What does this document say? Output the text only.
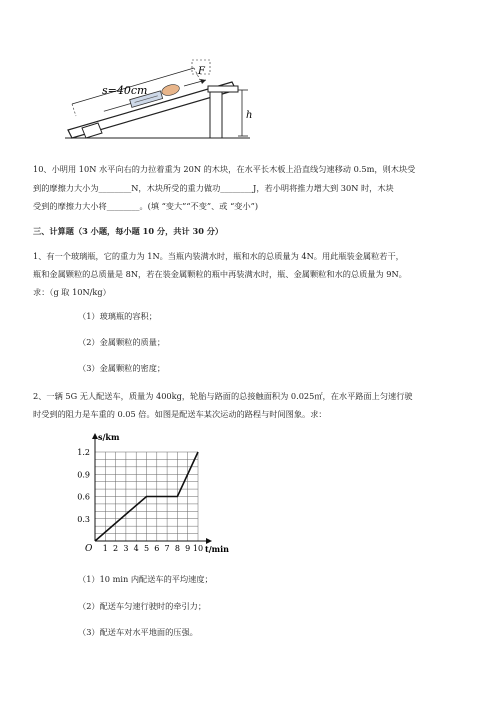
h
F
s=40cm
10、小明用 10N 水平向右的力拉着重为 20N 的木块，在水平长木板上沿直线匀速移动 0.5m，则木块受
到的摩擦力大小为________N，木块所受的重力做功________J，若小明将推力增大到 30N 时，木块
受到的摩擦力大小将________。(填 “变大”“不变”、或 “变小”)
三、计算题（3 小题，每小题 10 分，共计 30 分）
1、有一个玻璃瓶，它的重力为 1N。当瓶内装满水时，瓶和水的总质量为 4N。用此瓶装金属粒若干，
瓶和金属颗粒的总质量是 8N，若在装金属颗粒的瓶中再装满水时，瓶、金属颗粒和水的总质量为 9N。
求：（g 取 10N/kg）
（1）玻璃瓶的容积；
（2）金属颗粒的质量；
（3）金属颗粒的密度；
2、一辆 5G 无人配送车，质量为 400kg，轮胎与路面的总接触面积为 0.025㎡，在水平路面上匀速行驶
时受到的阻力是车重的 0.05 倍。如图是配送车某次运动的路程与时间图象。求：
1 2 3 4 5 6 7 8 9 10
0.3
0.6
0.9
1.2
O
s/km
t/min
（1）10 min 内配送车的平均速度；
（2）配送车匀速行驶时的牵引力；
（3）配送车对水平地面的压强。
